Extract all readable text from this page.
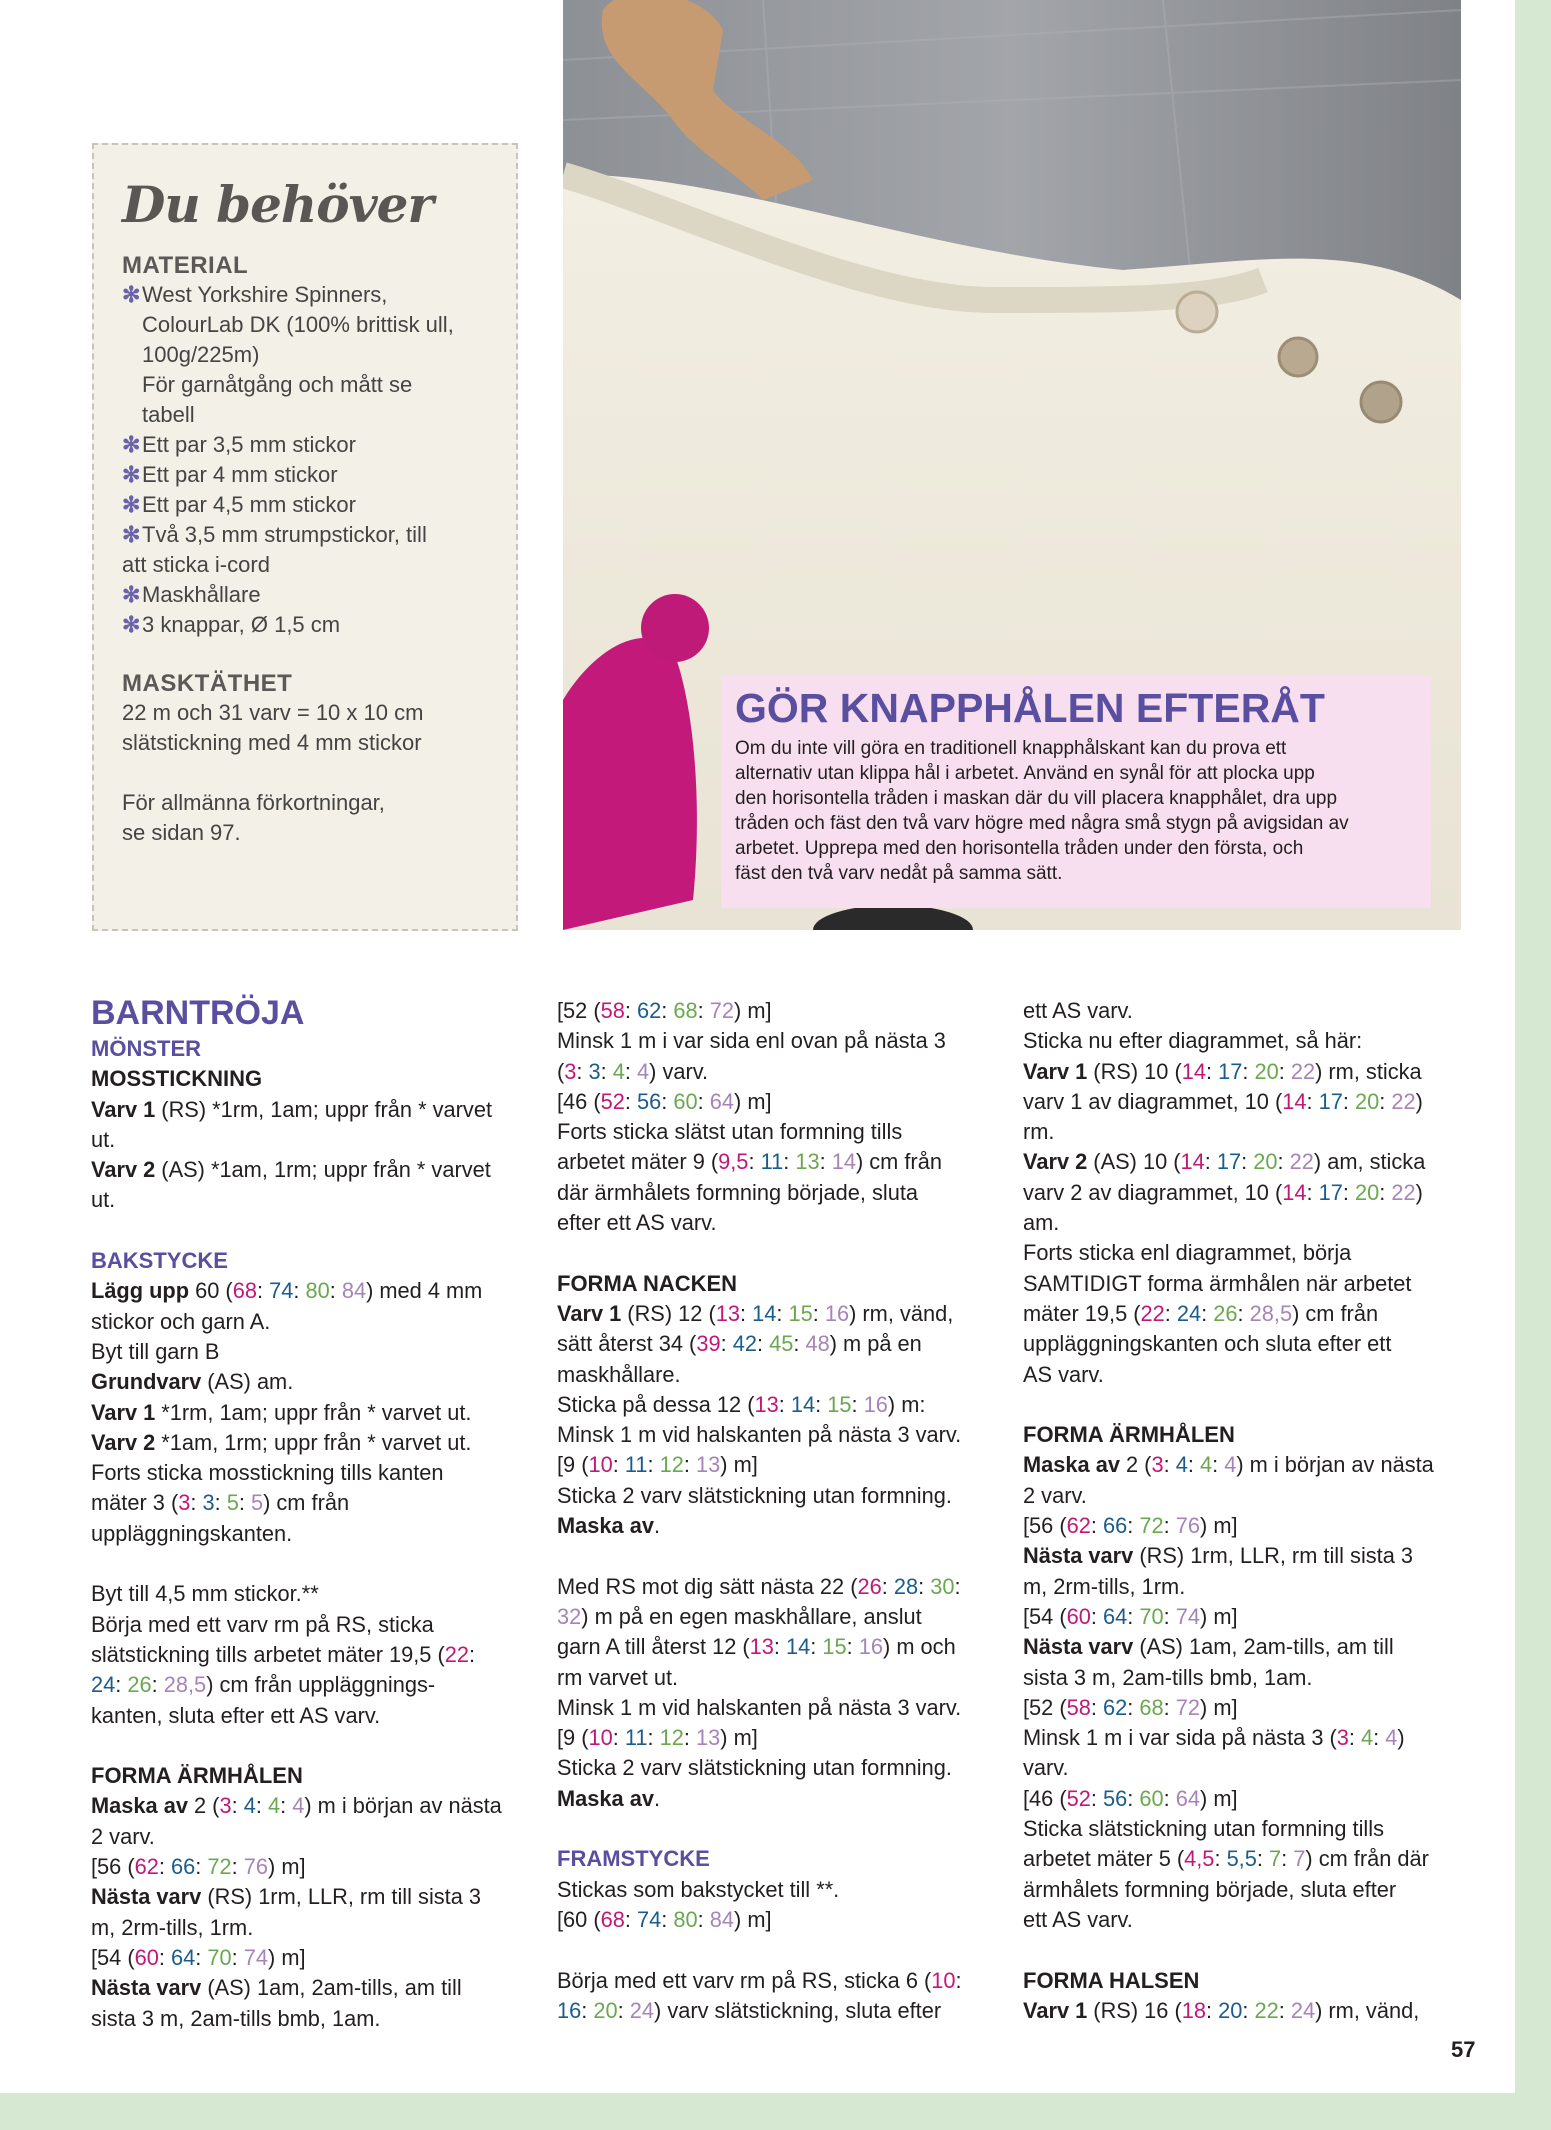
Du behöver
MATERIAL
✻ West Yorkshire Spinners,
ColourLab DK (100% brittisk ull,
100g/225m)
För garnåtgång och mått se
tabell
✻ Ett par 3,5 mm stickor
✻ Ett par 4 mm stickor
✻ Ett par 4,5 mm stickor
✻ Två 3,5 mm strumpstickor, till
att sticka i-cord
✻ Maskhållare
✻ 3 knappar, Ø 1,5 cm
MASKTÄTHET

22 m och 31 varv = 10 x 10 cm
slätstickning med 4 mm stickor

För allmänna förkortningar,
se sidan 97.

GÖR KNAPPHÅLEN EFTERÅT

Om du inte vill göra en traditionell knapphålskant kan du prova ett
alternativ utan klippa hål i arbetet. Använd en synål för att plocka upp
den horisontella tråden i maskan där du vill placera knapphålet, dra upp
tråden och fäst den två varv högre med några små stygn på avigsidan av
arbetet. Upprepa med den horisontella tråden under den första, och
fäst den två varv nedåt på samma sätt.

BARNTRÖJA
MÖNSTER
MOSSTICKNING
Varv 1 (RS) *1rm, 1am; uppr från * varvet
ut.
Varv 2 (AS) *1am, 1rm; uppr från * varvet
ut.
BAKSTYCKE
Lägg upp 60 (68: 74: 80: 84) med 4 mm
stickor och garn A.
Byt till garn B
Grundvarv (AS) am.
Varv 1 *1rm, 1am; uppr från * varvet ut.
Varv 2 *1am, 1rm; uppr från * varvet ut.
Forts sticka mosstickning tills kanten
mäter 3 (3: 3: 5: 5) cm från
uppläggningskanten.
Byt till 4,5 mm stickor.**
Börja med ett varv rm på RS, sticka
slätstickning tills arbetet mäter 19,5 (22:
24: 26: 28,5) cm från uppläggnings-
kanten, sluta efter ett AS varv.
FORMA ÄRMHÅLEN
Maska av 2 (3: 4: 4: 4) m i början av nästa
2 varv.
[56 (62: 66: 72: 76) m]
Nästa varv (RS) 1rm, LLR, rm till sista 3
m, 2rm-tills, 1rm.
[54 (60: 64: 70: 74) m]
Nästa varv (AS) 1am, 2am-tills, am till
sista 3 m, 2am-tills bmb, 1am.
[52 (58: 62: 68: 72) m]
Minsk 1 m i var sida enl ovan på nästa 3
(3: 3: 4: 4) varv.
[46 (52: 56: 60: 64) m]
Forts sticka slätst utan formning tills
arbetet mäter 9 (9,5: 11: 13: 14) cm från
där ärmhålets formning började, sluta
efter ett AS varv.
FORMA NACKEN
Varv 1 (RS) 12 (13: 14: 15: 16) rm, vänd,
sätt återst 34 (39: 42: 45: 48) m på en
maskhållare.
Sticka på dessa 12 (13: 14: 15: 16) m:
Minsk 1 m vid halskanten på nästa 3 varv.
[9 (10: 11: 12: 13) m]
Sticka 2 varv slätstickning utan formning.
Maska av.
Med RS mot dig sätt nästa 22 (26: 28: 30:
32) m på en egen maskhållare, anslut
garn A till återst 12 (13: 14: 15: 16) m och
rm varvet ut.
Minsk 1 m vid halskanten på nästa 3 varv.
[9 (10: 11: 12: 13) m]
Sticka 2 varv slätstickning utan formning.
Maska av.
FRAMSTYCKE
Stickas som bakstycket till **.
[60 (68: 74: 80: 84) m]
Börja med ett varv rm på RS, sticka 6 (10:
16: 20: 24) varv slätstickning, sluta efter
ett AS varv.
Sticka nu efter diagrammet, så här:
Varv 1 (RS) 10 (14: 17: 20: 22) rm, sticka
varv 1 av diagrammet, 10 (14: 17: 20: 22)
rm.
Varv 2 (AS) 10 (14: 17: 20: 22) am, sticka
varv 2 av diagrammet, 10 (14: 17: 20: 22)
am.
Forts sticka enl diagrammet, börja
SAMTIDIGT forma ärmhålen när arbetet
mäter 19,5 (22: 24: 26: 28,5) cm från
uppläggningskanten och sluta efter ett
AS varv.
FORMA ÄRMHÅLEN
Maska av 2 (3: 4: 4: 4) m i början av nästa
2 varv.
[56 (62: 66: 72: 76) m]
Nästa varv (RS) 1rm, LLR, rm till sista 3
m, 2rm-tills, 1rm.
[54 (60: 64: 70: 74) m]
Nästa varv (AS) 1am, 2am-tills, am till
sista 3 m, 2am-tills bmb, 1am.
[52 (58: 62: 68: 72) m]
Minsk 1 m i var sida på nästa 3 (3: 4: 4)
varv.
[46 (52: 56: 60: 64) m]
Sticka slätstickning utan formning tills
arbetet mäter 5 (4,5: 5,5: 7: 7) cm från där
ärmhålets formning började, sluta efter
ett AS varv.
FORMA HALSEN
Varv 1 (RS) 16 (18: 20: 22: 24) rm, vänd,
57
